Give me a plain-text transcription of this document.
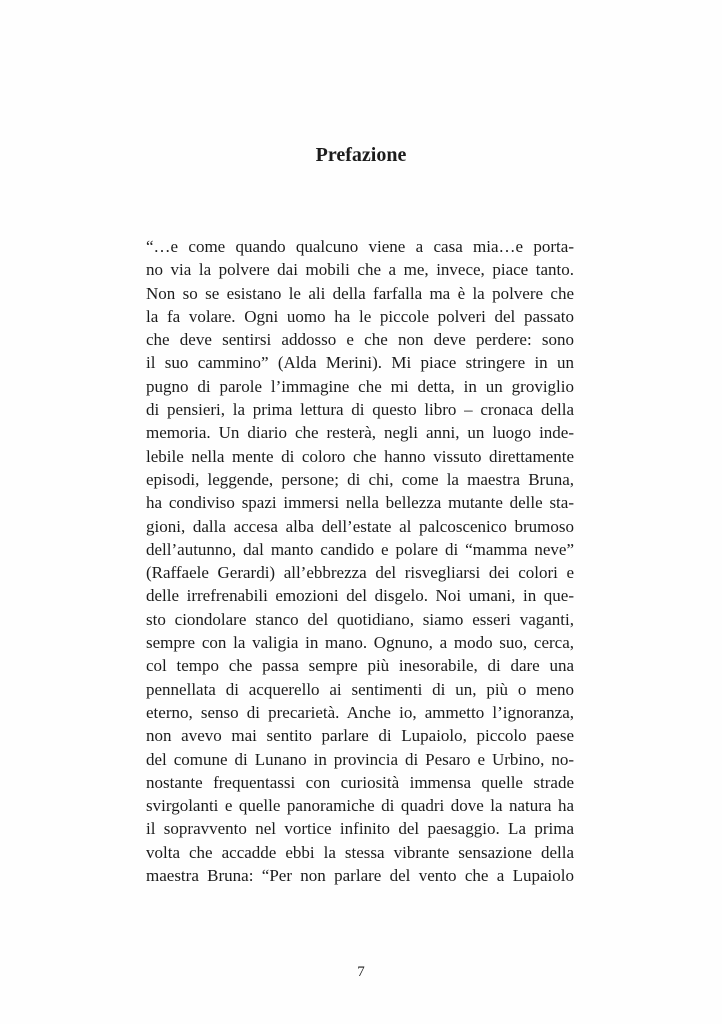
Prefazione
“…e come quando qualcuno viene a casa mia…e porta-
no via la polvere dai mobili che a me, invece, piace tanto.
Non so se esistano le ali della farfalla ma è la polvere che
la fa volare. Ogni uomo ha le piccole polveri del passato
che deve sentirsi addosso e che non deve perdere: sono
il suo cammino” (Alda Merini). Mi piace stringere in un
pugno di parole l’immagine che mi detta, in un groviglio
di pensieri, la prima lettura di questo libro – cronaca della
memoria. Un diario che resterà, negli anni, un luogo inde-
lebile nella mente di coloro che hanno vissuto direttamente
episodi, leggende, persone; di chi, come la maestra Bruna,
ha condiviso spazi immersi nella bellezza mutante delle sta-
gioni, dalla accesa alba dell’estate al palcoscenico brumoso
dell’autunno, dal manto candido e polare di “mamma neve”
(Raffaele Gerardi) all’ebbrezza del risvegliarsi dei colori e
delle irrefrenabili emozioni del disgelo. Noi umani, in que-
sto ciondolare stanco del quotidiano, siamo esseri vaganti,
sempre con la valigia in mano. Ognuno, a modo suo, cerca,
col tempo che passa sempre più inesorabile, di dare una
pennellata di acquerello ai sentimenti di un, più o meno
eterno, senso di precarietà. Anche io, ammetto l’ignoranza,
non avevo mai sentito parlare di Lupaiolo, piccolo paese
del comune di Lunano in provincia di Pesaro e Urbino, no-
nostante frequentassi con curiosità immensa quelle strade
svirgolanti e quelle panoramiche di quadri dove la natura ha
il sopravvento nel vortice infinito del paesaggio. La prima
volta che accadde ebbi la stessa vibrante sensazione della
maestra Bruna: “Per non parlare del vento che a Lupaiolo
7
